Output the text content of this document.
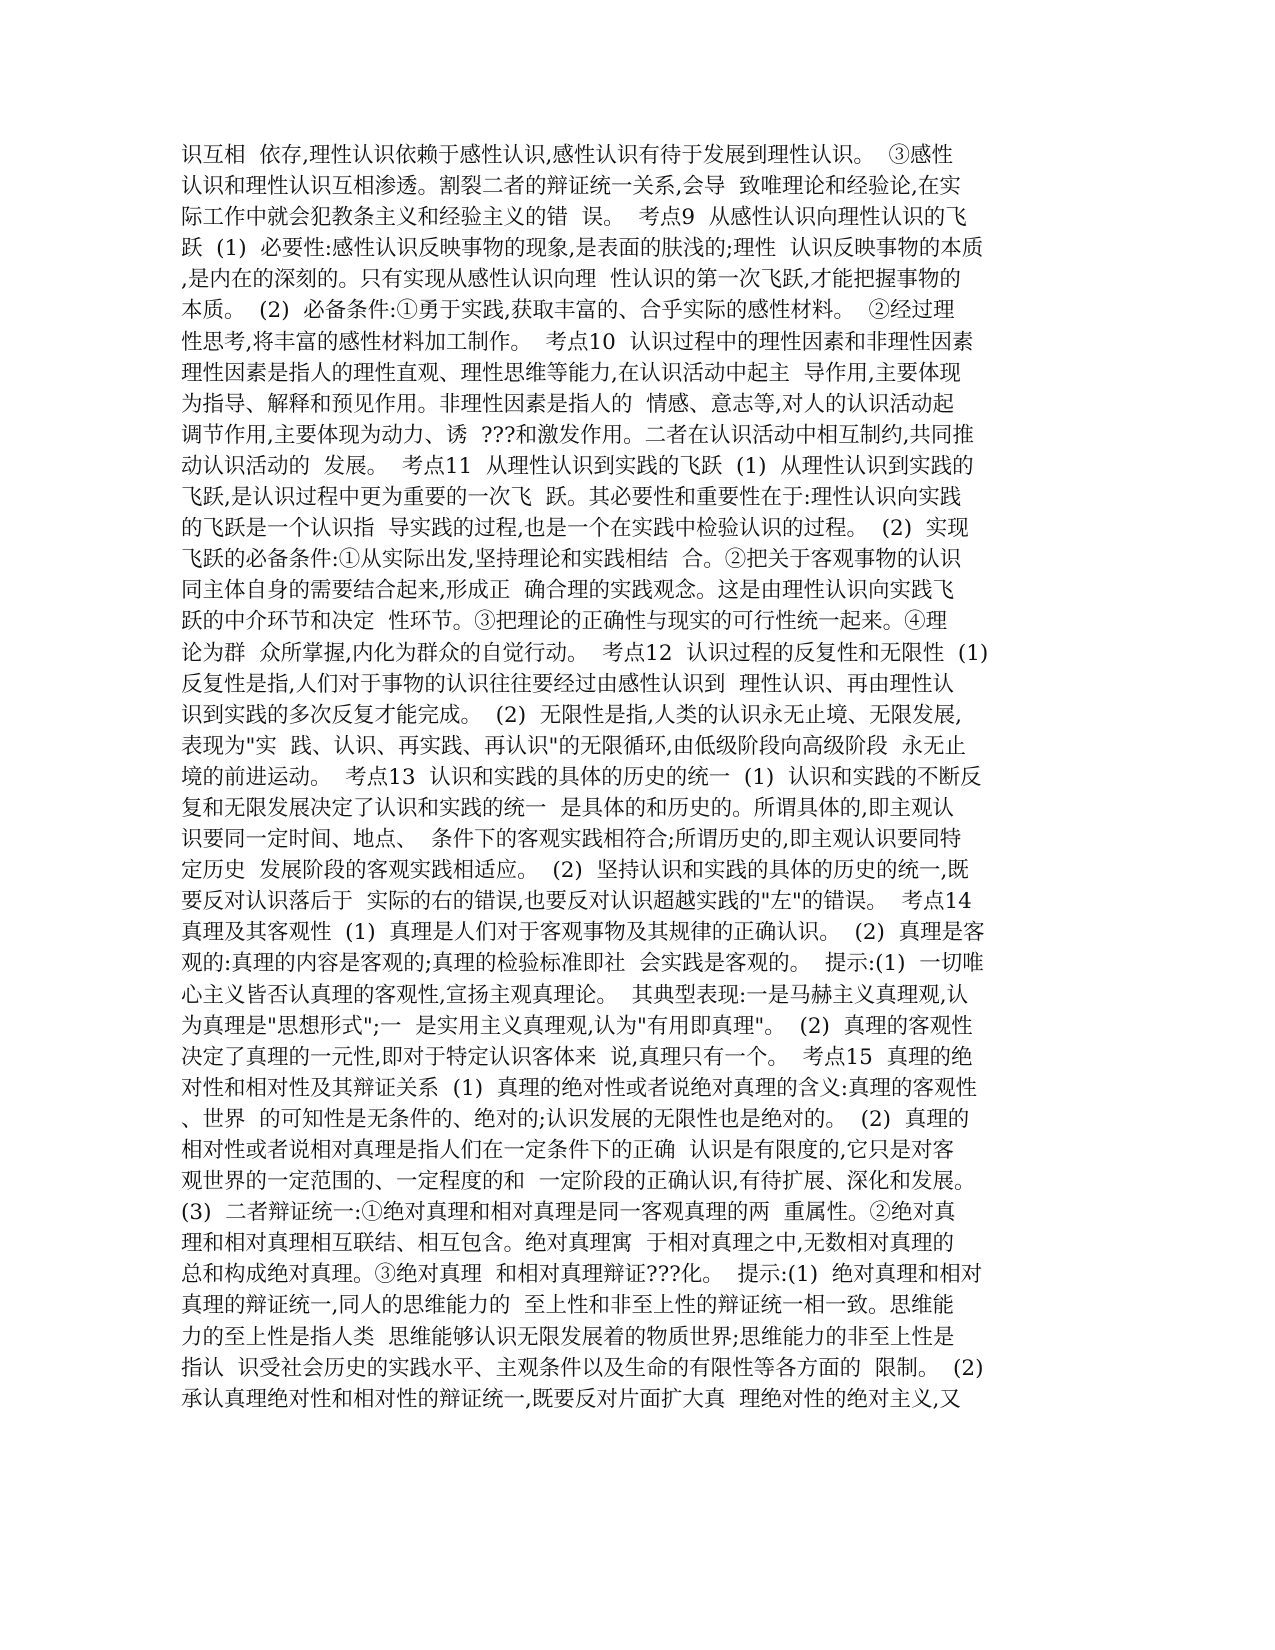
识互相  依存,理性认识依赖于感性认识,感性认识有待于发展到理性认识。  ③感性
认识和理性认识互相渗透。割裂二者的辩证统一关系,会导  致唯理论和经验论,在实
际工作中就会犯教条主义和经验主义的错  误。  考点9  从感性认识向理性认识的飞
跃  (1)  必要性:感性认识反映事物的现象,是表面的肤浅的;理性  认识反映事物的本质
,是内在的深刻的。只有实现从感性认识向理  性认识的第一次飞跃,才能把握事物的
本质。  (2)  必备条件:①勇于实践,获取丰富的、合乎实际的感性材料。  ②经过理
性思考,将丰富的感性材料加工制作。  考点10  认识过程中的理性因素和非理性因素
理性因素是指人的理性直观、理性思维等能力,在认识活动中起主  导作用,主要体现
为指导、解释和预见作用。非理性因素是指人的  情感、意志等,对人的认识活动起
调节作用,主要体现为动力、诱  ???和激发作用。二者在认识活动中相互制约,共同推
动认识活动的  发展。  考点11  从理性认识到实践的飞跃  (1)  从理性认识到实践的
飞跃,是认识过程中更为重要的一次飞  跃。其必要性和重要性在于:理性认识向实践
的飞跃是一个认识指  导实践的过程,也是一个在实践中检验认识的过程。  (2)  实现
飞跃的必备条件:①从实际出发,坚持理论和实践相结  合。②把关于客观事物的认识
同主体自身的需要结合起来,形成正  确合理的实践观念。这是由理性认识向实践飞
跃的中介环节和决定  性环节。③把理论的正确性与现实的可行性统一起来。④理
论为群  众所掌握,内化为群众的自觉行动。  考点12  认识过程的反复性和无限性  (1)
反复性是指,人们对于事物的认识往往要经过由感性认识到  理性认识、再由理性认
识到实践的多次反复才能完成。  (2)  无限性是指,人类的认识永无止境、无限发展,
表现为"实  践、认识、再实践、再认识"的无限循环,由低级阶段向高级阶段  永无止
境的前进运动。  考点13  认识和实践的具体的历史的统一  (1)  认识和实践的不断反
复和无限发展决定了认识和实践的统一  是具体的和历史的。所谓具体的,即主观认
识要同一定时间、地点、  条件下的客观实践相符合;所谓历史的,即主观认识要同特
定历史  发展阶段的客观实践相适应。  (2)  坚持认识和实践的具体的历史的统一,既
要反对认识落后于  实际的右的错误,也要反对认识超越实践的"左"的错误。  考点14
真理及其客观性  (1)  真理是人们对于客观事物及其规律的正确认识。  (2)  真理是客
观的:真理的内容是客观的;真理的检验标准即社  会实践是客观的。  提示:(1)  一切唯
心主义皆否认真理的客观性,宣扬主观真理论。  其典型表现:一是马赫主义真理观,认
为真理是"思想形式";一  是实用主义真理观,认为"有用即真理"。  (2)  真理的客观性
决定了真理的一元性,即对于特定认识客体来  说,真理只有一个。  考点15  真理的绝
对性和相对性及其辩证关系  (1)  真理的绝对性或者说绝对真理的含义:真理的客观性
、世界  的可知性是无条件的、绝对的;认识发展的无限性也是绝对的。  (2)  真理的
相对性或者说相对真理是指人们在一定条件下的正确  认识是有限度的,它只是对客
观世界的一定范围的、一定程度的和  一定阶段的正确认识,有待扩展、深化和发展。
(3)  二者辩证统一:①绝对真理和相对真理是同一客观真理的两  重属性。②绝对真
理和相对真理相互联结、相互包含。绝对真理寓  于相对真理之中,无数相对真理的
总和构成绝对真理。③绝对真理  和相对真理辩证???化。  提示:(1)  绝对真理和相对
真理的辩证统一,同人的思维能力的  至上性和非至上性的辩证统一相一致。思维能
力的至上性是指人类  思维能够认识无限发展着的物质世界;思维能力的非至上性是
指认  识受社会历史的实践水平、主观条件以及生命的有限性等各方面的  限制。  (2)
承认真理绝对性和相对性的辩证统一,既要反对片面扩大真  理绝对性的绝对主义,又
